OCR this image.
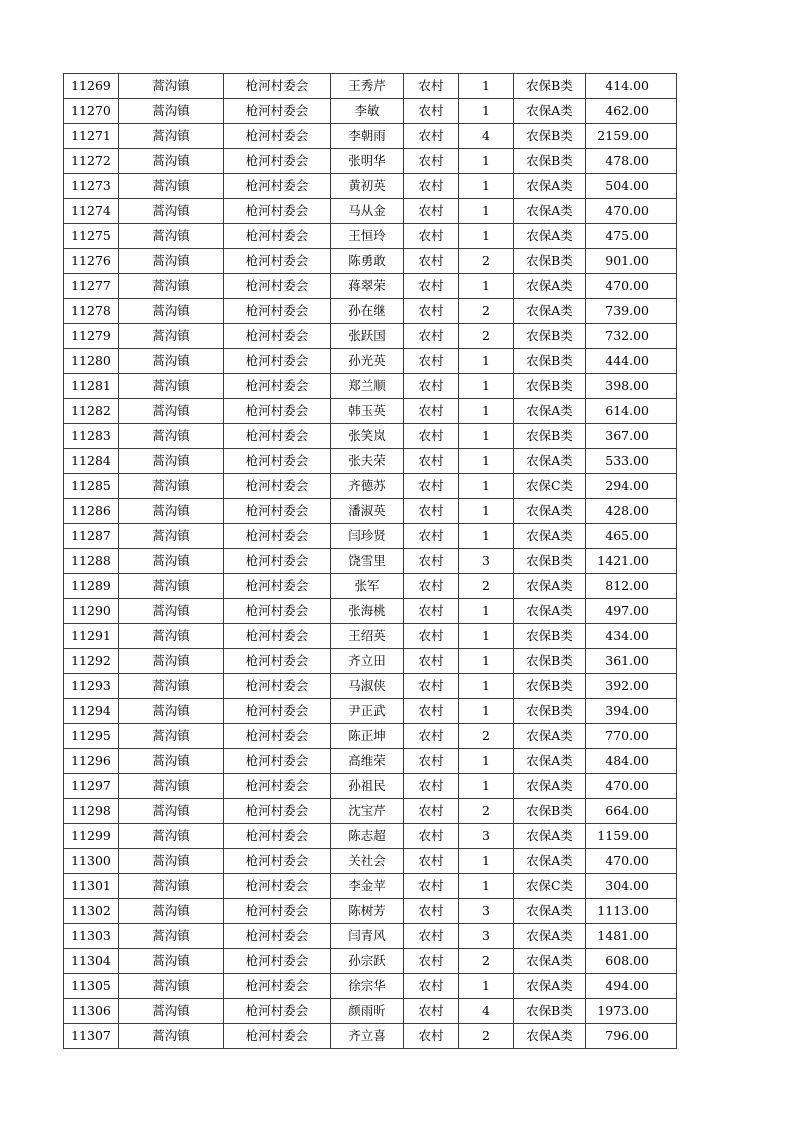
11269	蒿沟镇	枪河村委会	王秀芹	农村	1	农保B类	414.00
11270	蒿沟镇	枪河村委会	李敏	农村	1	农保A类	462.00
11271	蒿沟镇	枪河村委会	李朝雨	农村	4	农保B类	2159.00
11272	蒿沟镇	枪河村委会	张明华	农村	1	农保B类	478.00
11273	蒿沟镇	枪河村委会	黄初英	农村	1	农保A类	504.00
11274	蒿沟镇	枪河村委会	马从金	农村	1	农保A类	470.00
11275	蒿沟镇	枪河村委会	王恒玲	农村	1	农保A类	475.00
11276	蒿沟镇	枪河村委会	陈勇敢	农村	2	农保B类	901.00
11277	蒿沟镇	枪河村委会	蒋翠荣	农村	1	农保A类	470.00
11278	蒿沟镇	枪河村委会	孙在继	农村	2	农保A类	739.00
11279	蒿沟镇	枪河村委会	张跃国	农村	2	农保B类	732.00
11280	蒿沟镇	枪河村委会	孙光英	农村	1	农保B类	444.00
11281	蒿沟镇	枪河村委会	郑兰顺	农村	1	农保B类	398.00
11282	蒿沟镇	枪河村委会	韩玉英	农村	1	农保A类	614.00
11283	蒿沟镇	枪河村委会	张笑岚	农村	1	农保B类	367.00
11284	蒿沟镇	枪河村委会	张夫荣	农村	1	农保A类	533.00
11285	蒿沟镇	枪河村委会	齐德苏	农村	1	农保C类	294.00
11286	蒿沟镇	枪河村委会	潘淑英	农村	1	农保A类	428.00
11287	蒿沟镇	枪河村委会	闫珍贤	农村	1	农保A类	465.00
11288	蒿沟镇	枪河村委会	饶雪里	农村	3	农保B类	1421.00
11289	蒿沟镇	枪河村委会	张军	农村	2	农保A类	812.00
11290	蒿沟镇	枪河村委会	张海桃	农村	1	农保A类	497.00
11291	蒿沟镇	枪河村委会	王绍英	农村	1	农保B类	434.00
11292	蒿沟镇	枪河村委会	齐立田	农村	1	农保B类	361.00
11293	蒿沟镇	枪河村委会	马淑侠	农村	1	农保B类	392.00
11294	蒿沟镇	枪河村委会	尹正武	农村	1	农保B类	394.00
11295	蒿沟镇	枪河村委会	陈正坤	农村	2	农保A类	770.00
11296	蒿沟镇	枪河村委会	高维荣	农村	1	农保A类	484.00
11297	蒿沟镇	枪河村委会	孙祖民	农村	1	农保A类	470.00
11298	蒿沟镇	枪河村委会	沈宝芹	农村	2	农保B类	664.00
11299	蒿沟镇	枪河村委会	陈志超	农村	3	农保A类	1159.00
11300	蒿沟镇	枪河村委会	关社会	农村	1	农保A类	470.00
11301	蒿沟镇	枪河村委会	李金苹	农村	1	农保C类	304.00
11302	蒿沟镇	枪河村委会	陈树芳	农村	3	农保A类	1113.00
11303	蒿沟镇	枪河村委会	闫青风	农村	3	农保A类	1481.00
11304	蒿沟镇	枪河村委会	孙宗跃	农村	2	农保A类	608.00
11305	蒿沟镇	枪河村委会	徐宗华	农村	1	农保A类	494.00
11306	蒿沟镇	枪河村委会	颜雨昕	农村	4	农保B类	1973.00
11307	蒿沟镇	枪河村委会	齐立喜	农村	2	农保A类	796.00
